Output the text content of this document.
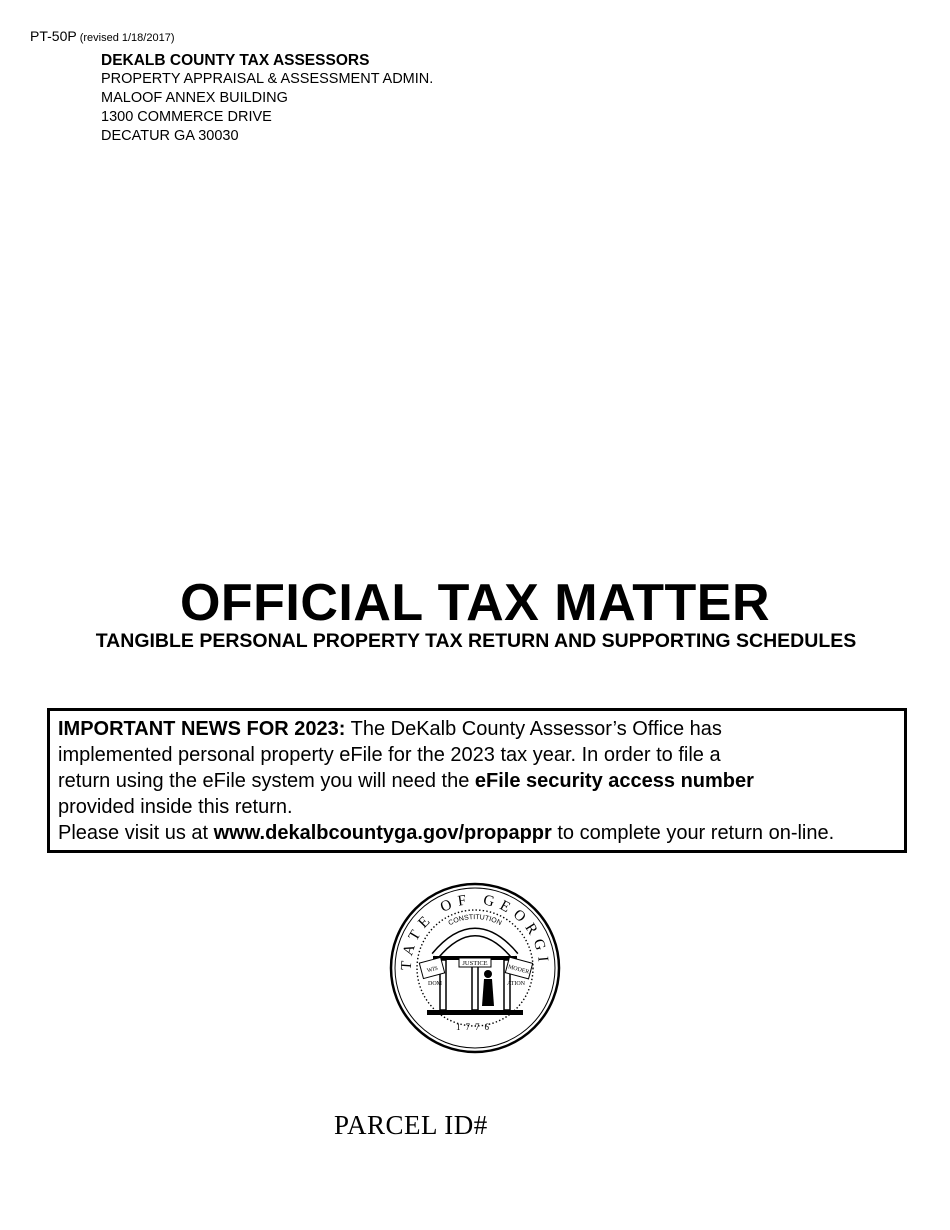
PT-50P (revised 1/18/2017)
DEKALB COUNTY TAX ASSESSORS
PROPERTY APPRAISAL & ASSESSMENT ADMIN.
MALOOF ANNEX BUILDING
1300 COMMERCE DRIVE
DECATUR GA 30030
OFFICIAL TAX MATTER
TANGIBLE PERSONAL PROPERTY TAX RETURN AND SUPPORTING SCHEDULES
IMPORTANT NEWS FOR 2023: The DeKalb County Assessor’s Office has
implemented personal property eFile for the 2023 tax year. In order to file a
return using the eFile system you will need the eFile security access number
provided inside this return.
Please visit us at www.dekalbcountyga.gov/propappr to complete your return on-line.
TATE OF GEORGI
CONSTITUTION
WIS
DOM
JUSTICE
MODER
ATION
1776
PARCEL ID#
